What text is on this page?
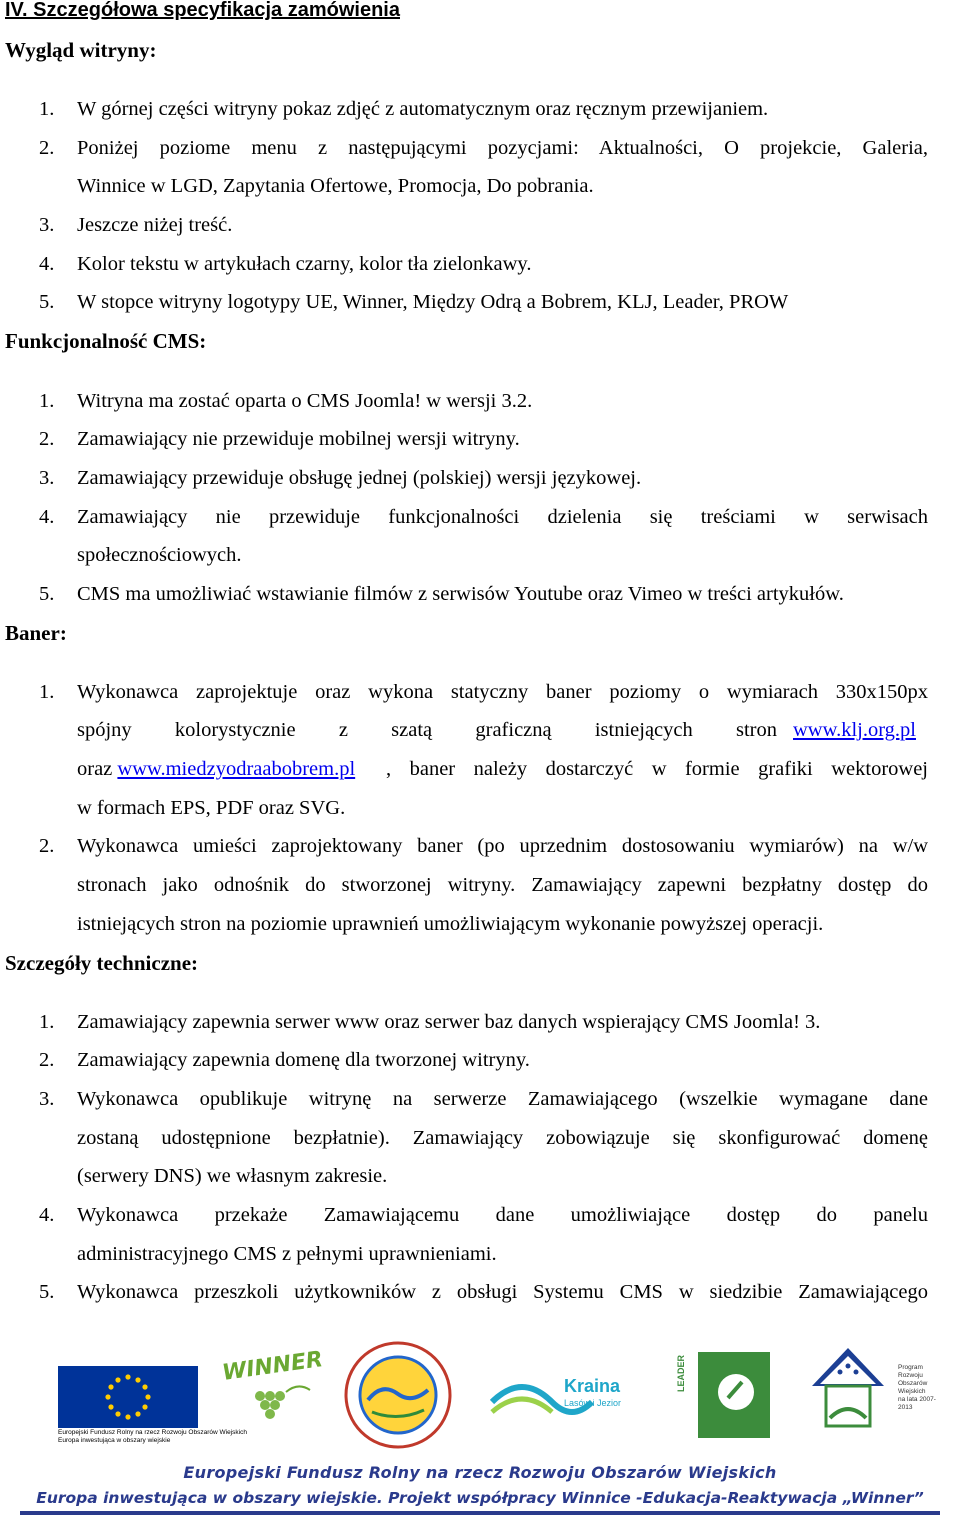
IV. Szczegółowa specyfikacja zamówienia
Wygląd witryny:
1. W górnej części witryny pokaz zdjęć z automatycznym oraz ręcznym przewijaniem.
2. Poniżej poziome menu z następującymi pozycjami: Aktualności, O projekcie, Galeria,
Winnice w LGD, Zapytania Ofertowe, Promocja, Do pobrania.
3. Jeszcze niżej treść.
4. Kolor tekstu w artykułach czarny, kolor tła zielonkawy.
5. W stopce witryny logotypy UE, Winner, Między Odrą a Bobrem, KLJ, Leader, PROW
Funkcjonalność CMS:
1. Witryna ma zostać oparta o CMS Joomla! w wersji 3.2.
2. Zamawiający nie przewiduje mobilnej wersji witryny.
3. Zamawiający przewiduje obsługę jednej (polskiej) wersji językowej.
4. Zamawiający nie przewiduje funkcjonalności dzielenia się treściami w serwisach
społecznościowych.
5. CMS ma umożliwiać wstawianie filmów z serwisów Youtube oraz Vimeo w treści artykułów.
Baner:
1. Wykonawca zaprojektuje oraz wykona statyczny baner poziomy o wymiarach 330x150px
spójny kolorystycznie z szatą graficzną istniejących stron www.klj.org.pl
oraz www.miedzyodraabobrem.pl , baner należy dostarczyć w formie grafiki wektorowej
w formach EPS, PDF oraz SVG.
2. Wykonawca umieści zaprojektowany baner (po uprzednim dostosowaniu wymiarów) na w/w
stronach jako odnośnik do stworzonej witryny. Zamawiający zapewni bezpłatny dostęp do
istniejących stron na poziomie uprawnień umożliwiającym wykonanie powyższej operacji.
Szczegóły techniczne:
1. Zamawiający zapewnia serwer www oraz serwer baz danych wspierający CMS Joomla! 3.
2. Zamawiający zapewnia domenę dla tworzonej witryny.
3. Wykonawca opublikuje witrynę na serwerze Zamawiającego (wszelkie wymagane dane
zostaną udostępnione bezpłatnie). Zamawiający zobowiązuje się skonfigurować domenę
(serwery DNS) we własnym zakresie.
4. Wykonawca przekaże Zamawiającemu dane umożliwiające dostęp do panelu
administracyjnego CMS z pełnymi uprawnieniami.
5. Wykonawca przeszkoli użytkowników z obsługi Systemu CMS w siedzibie Zamawiającego
Europejski Fundusz Rolny na rzecz Rozwoju Obszarów Wiejskich
Europa inwestująca w obszary wiejskie
WINNER
Kraina
Lasów i Jezior
LEADER	Program
Rozwoju
Obszarów
Wiejskich
na lata 2007-2013
Europejski Fundusz Rolny na rzecz Rozwoju Obszarów Wiejskich
Europa inwestująca w obszary wiejskie. Projekt współpracy Winnice -Edukacja-Reaktywacja „Winner”
